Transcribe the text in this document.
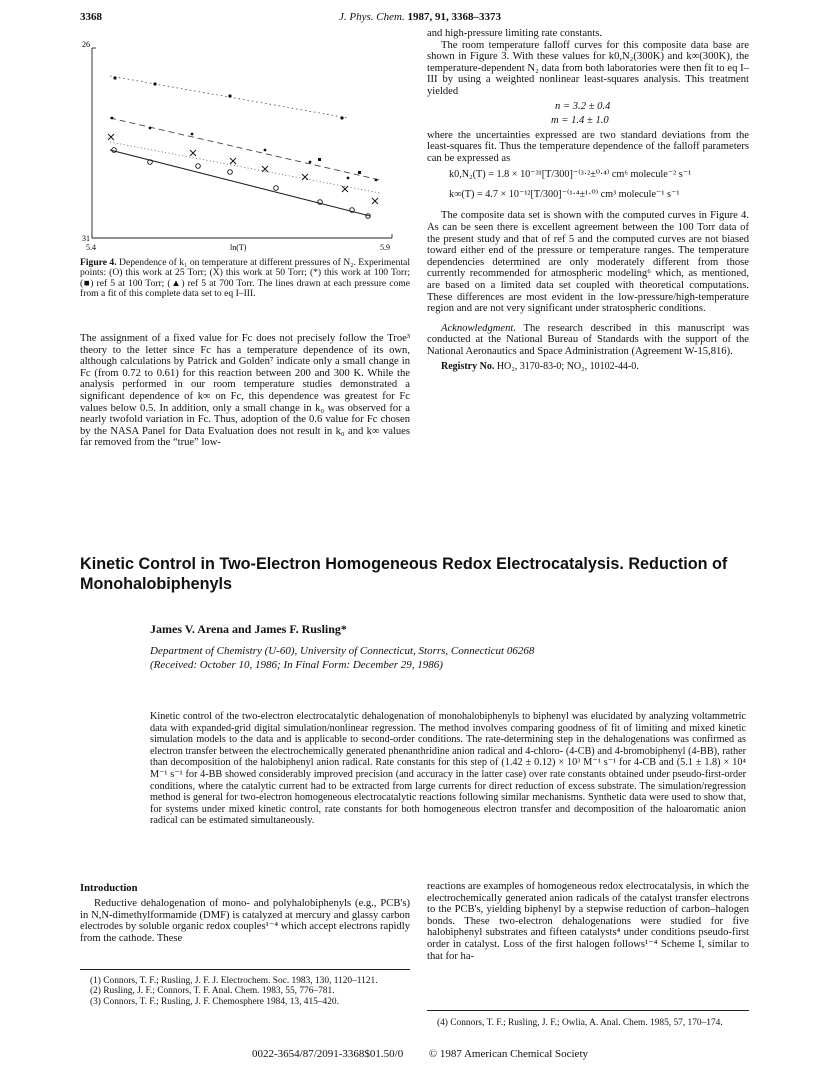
3368	J. Phys. Chem. 1987, 91, 3368–3373
26
31
5.4	ln(T)	5.9
Figure 4. Dependence of k₁ on temperature at different pressures of N₂. Experimental points: (O) this work at 25 Torr; (X) this work at 50 Torr; (*) this work at 100 Torr; (■) ref 5 at 100 Torr; (▲) ref 5 at 700 Torr. The lines drawn at each pressure come from a fit of this complete data set to eq I–III.
The assignment of a fixed value for Fc does not precisely follow the Troe³ theory to the letter since Fc has a temperature dependence of its own, although calculations by Patrick and Golden⁷ indicate only a small change in Fc (from 0.72 to 0.61) for this reaction between 200 and 300 K. While the analysis performed in our room temperature studies demonstrated a significant dependence of k∞ on Fc, this dependence was greatest for Fc values below 0.5. In addition, only a small change in k₀ was observed for a nearly twofold variation in Fc. Thus, adoption of the 0.6 value for Fc chosen by the NASA Panel for Data Evaluation does not result in k₀ and k∞ values far removed from the “true” low-

and high-pressure limiting rate constants.

The room temperature falloff curves for this composite data base are shown in Figure 3. With these values for k0,N₂(300K) and k∞(300K), the temperature-dependent N₂ data from both laboratories were then fit to eq I–III by using a weighted nonlinear least-squares analysis. This treatment yielded

n = 3.2 ± 0.4

m = 1.4 ± 1.0

where the uncertainties expressed are two standard deviations from the least-squares fit. Thus the temperature dependence of the falloff parameters can be expressed as

k0,N₂(T) = 1.8 × 10⁻³¹[T/300]⁻⁽³·²±⁰·⁴⁾ cm⁶ molecule⁻² s⁻¹

k∞(T) = 4.7 × 10⁻¹²[T/300]⁻⁽¹·⁴±¹·⁰⁾ cm³ molecule⁻¹ s⁻¹

The composite data set is shown with the computed curves in Figure 4. As can be seen there is excellent agreement between the 100 Torr data of the present study and that of ref 5 and the computed curves are not biased toward either end of the pressure or temperature ranges. The temperature dependencies determined are only moderately different from those currently recommended for atmospheric modeling⁶ which, as mentioned, are based on a limited data set coupled with theoretical computations. These differences are most evident in the low-pressure/high-temperature region and are not very significant under stratospheric conditions.

Acknowledgment. The research described in this manuscript was conducted at the National Bureau of Standards with the support of the National Aeronautics and Space Administration (Agreement W-15,816).

Registry No. HO₂, 3170-83-0; NO₂, 10102-44-0.

Kinetic Control in Two-Electron Homogeneous Redox Electrocatalysis. Reduction of
Monohalobiphenyls
James V. Arena and James F. Rusling*
Department of Chemistry (U-60), University of Connecticut, Storrs, Connecticut 06268
(Received: October 10, 1986; In Final Form: December 29, 1986)
Kinetic control of the two-electron electrocatalytic dehalogenation of monohalobiphenyls to biphenyl was elucidated by analyzing voltammetric data with expanded-grid digital simulation/nonlinear regression. The method involves comparing goodness of fit of limiting and mixed kinetic simulation models to the data and is applicable to second-order conditions. The rate-determining step in the dehalogenations was confirmed as electron transfer between the electrochemically generated phenanthridine anion radical and 4-chloro- (4-CB) and 4-bromobiphenyl (4-BB), rather than decomposition of the halobiphenyl anion radical. Rate constants for this step of (1.42 ± 0.12) × 10³ M⁻¹ s⁻¹ for 4-CB and (5.1 ± 1.8) × 10⁴ M⁻¹ s⁻¹ for 4-BB showed considerably improved precision (and accuracy in the latter case) over rate constants obtained under pseudo-first-order conditions, where the catalytic current had to be extracted from large currents for direct reduction of excess substrate. The simulation/regression method is general for two-electron homogeneous electrocatalytic reactions following similar mechanisms. Synthetic data were used to show that, for systems under mixed kinetic control, rate constants for both homogeneous electron transfer and decomposition of the haloaromatic anion radical can be estimated simultaneously.
Introduction
Reductive dehalogenation of mono- and polyhalobiphenyls (e.g., PCB's) in N,N-dimethylformamide (DMF) is catalyzed at mercury and glassy carbon electrodes by soluble organic redox couples¹⁻⁴ which accept electrons rapidly from the cathode. These
reactions are examples of homogeneous redox electrocatalysis, in which the electrochemically generated anion radicals of the catalyst transfer electrons to the PCB's, yielding biphenyl by a stepwise reduction of carbon–halogen bonds. These two-electron dehalogenations were studied for five halobiphenyl substrates and fifteen catalysts⁴ under conditions pseudo-first order in catalyst. Loss of the first halogen follows¹⁻⁴ Scheme I, similar to that for ha-
(1) Connors, T. F.; Rusling, J. F. J. Electrochem. Soc. 1983, 130, 1120–1121.
(2) Rusling, J. F.; Connors, T. F. Anal. Chem. 1983, 55, 776–781.
(3) Connors, T. F.; Rusling, J. F. Chemosphere 1984, 13, 415–420.
(4) Connors, T. F.; Rusling, J. F.; Owlia, A. Anal. Chem. 1985, 57, 170–174.
0022-3654/87/2091-3368$01.50/0 © 1987 American Chemical Society
